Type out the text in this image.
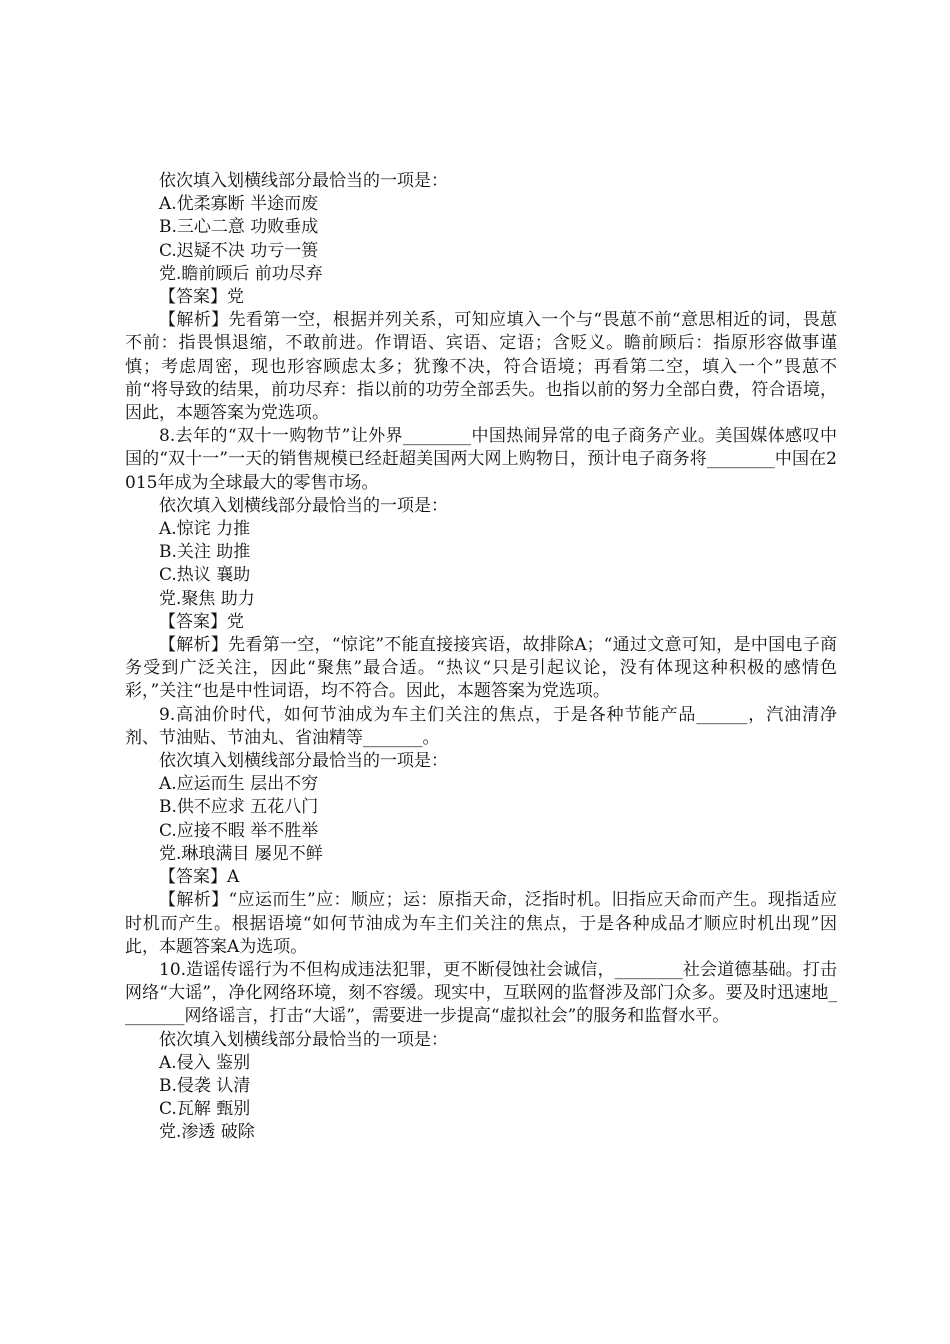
依次填入划横线部分最恰当的一项是：

A.优柔寡断 半途而废

B.三心二意 功败垂成

C.迟疑不决 功亏一篑

党.瞻前顾后 前功尽弃

【答案】党

【解析】先看第一空，根据并列关系，可知应填入一个与“畏葸不前“意思相近的词，畏葸不前：指畏惧退缩，不敢前进。作谓语、宾语、定语；含贬义。瞻前顾后：指原形容做事谨慎；考虑周密，现也形容顾虑太多；犹豫不决，符合语境；再看第二空，填入一个”畏葸不前“将导致的结果，前功尽弃：指以前的功劳全部丢失。也指以前的努力全部白费，符合语境，因此，本题答案为党选项。

8.去年的“双十一购物节”让外界________中国热闹异常的电子商务产业。美国媒体感叹中国的“双十一”一天的销售规模已经赶超美国两大网上购物日，预计电子商务将________中国在2015年成为全球最大的零售市场。

依次填入划横线部分最恰当的一项是：

A.惊诧 力推

B.关注 助推

C.热议 襄助

党.聚焦 助力

【答案】党

【解析】先看第一空，“惊诧”不能直接接宾语，故排除A；“通过文意可知，是中国电子商务受到广泛关注，因此“聚焦”最合适。“热议“只是引起议论，没有体现这种积极的感情色彩，”关注“也是中性词语，均不符合。因此，本题答案为党选项。

9.高油价时代，如何节油成为车主们关注的焦点，于是各种节能产品______，汽油清净剂、节油贴、节油丸、省油精等_______。

依次填入划横线部分最恰当的一项是：

A.应运而生 层出不穷

B.供不应求 五花八门

C.应接不暇 举不胜举

党.琳琅满目 屡见不鲜

【答案】A

【解析】“应运而生”应：顺应；运：原指天命，泛指时机。旧指应天命而产生。现指适应时机而产生。根据语境“如何节油成为车主们关注的焦点，于是各种成品才顺应时机出现”因此，本题答案A为选项。

10.造谣传谣行为不但构成违法犯罪，更不断侵蚀社会诚信，________社会道德基础。打击网络“大谣”，净化网络环境，刻不容缓。现实中，互联网的监督涉及部门众多。要及时迅速地________网络谣言，打击“大谣”，需要进一步提高“虚拟社会”的服务和监督水平。

依次填入划横线部分最恰当的一项是：

A.侵入 鉴别

B.侵袭 认清

C.瓦解 甄别

党.渗透 破除
